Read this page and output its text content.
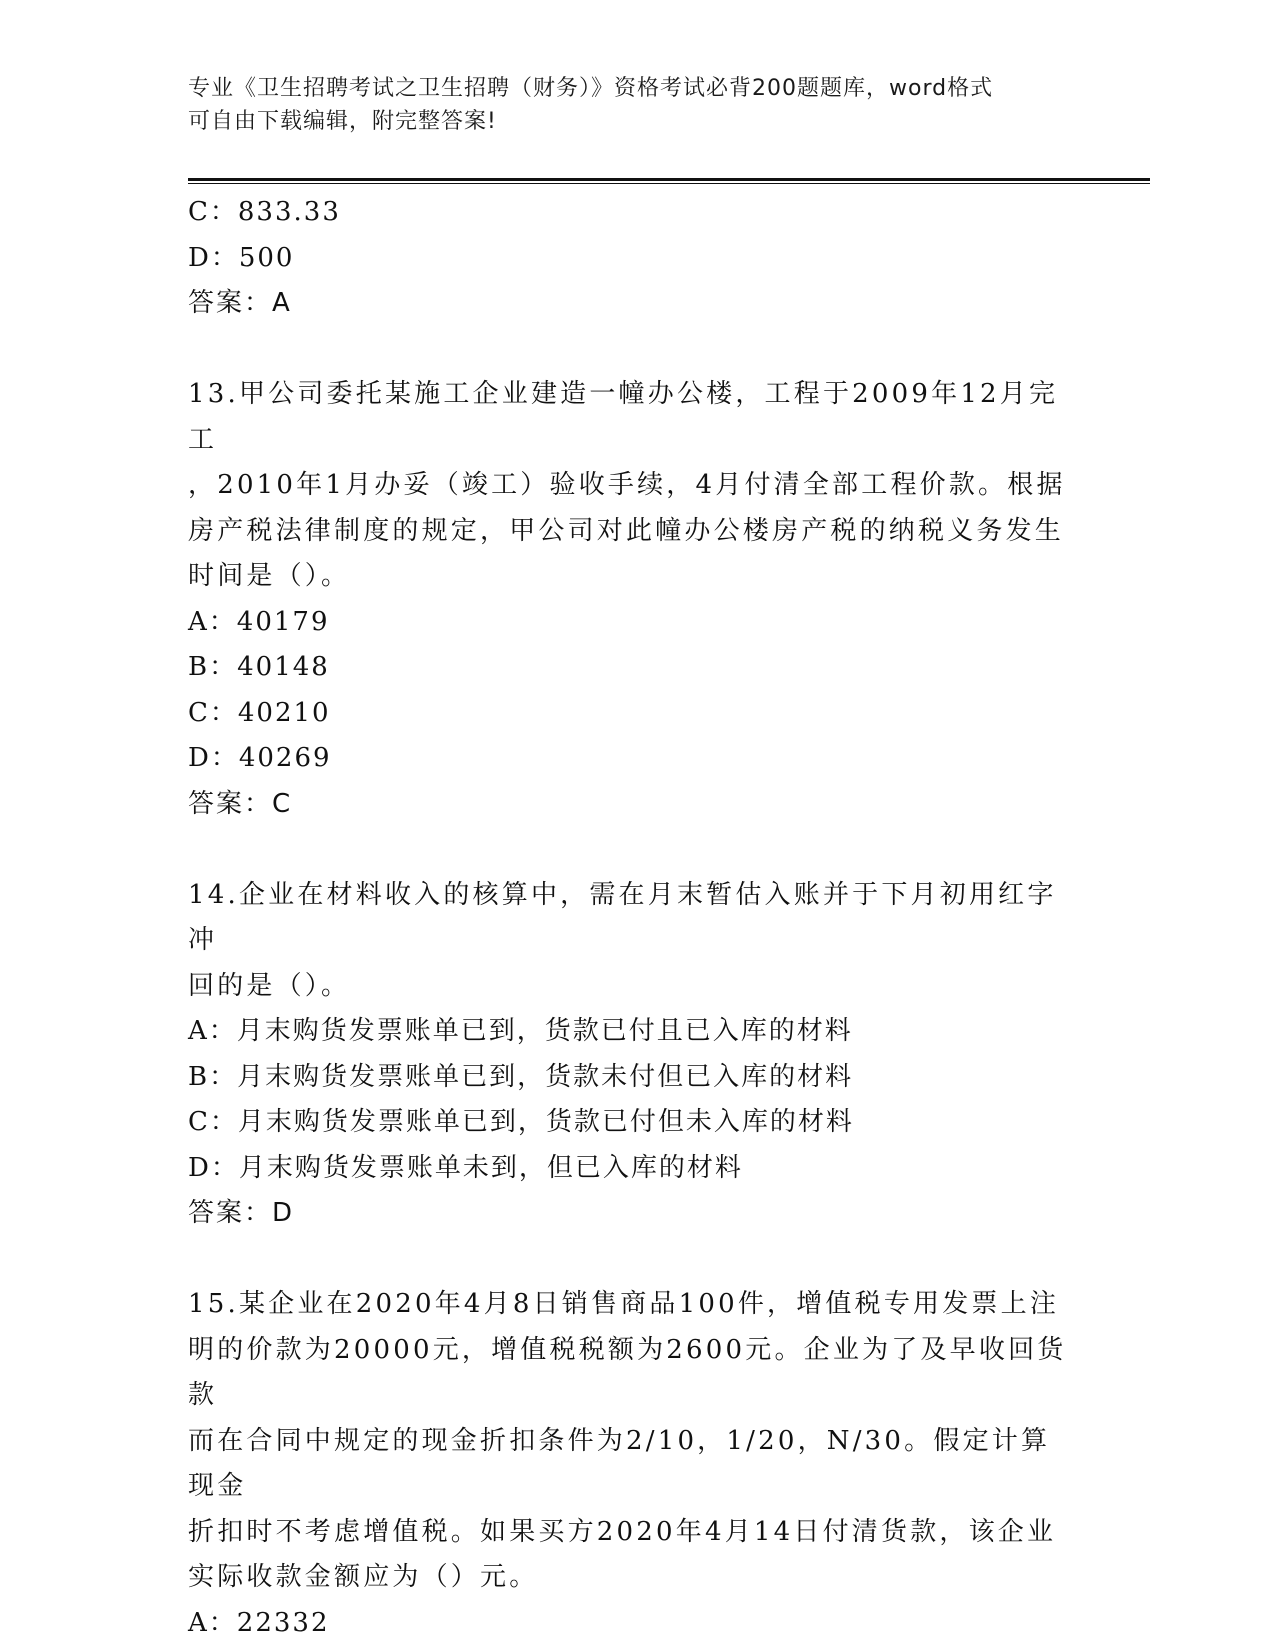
专业《卫生招聘考试之卫生招聘（财务）》资格考试必背200题题库，word格式
可自由下载编辑，附完整答案!
C：833.33
D：500
答案：A
13.甲公司委托某施工企业建造一幢办公楼，工程于2009年12月完工
，2010年1月办妥（竣工）验收手续，4月付清全部工程价款。根据
房产税法律制度的规定，甲公司对此幢办公楼房产税的纳税义务发生
时间是（）。
A：40179
B：40148
C：40210
D：40269
答案：C
14.企业在材料收入的核算中，需在月末暂估入账并于下月初用红字冲
回的是（）。
A：月末购货发票账单已到，货款已付且已入库的材料
B：月末购货发票账单已到，货款未付但已入库的材料
C：月末购货发票账单已到，货款已付但未入库的材料
D：月末购货发票账单未到，但已入库的材料
答案：D
15.某企业在2020年4月8日销售商品100件，增值税专用发票上注
明的价款为20000元，增值税税额为2600元。企业为了及早收回货款
而在合同中规定的现金折扣条件为2/10，1/20，N/30。假定计算现金
折扣时不考虑增值税。如果买方2020年4月14日付清货款，该企业
实际收款金额应为（）元。
A：22332
